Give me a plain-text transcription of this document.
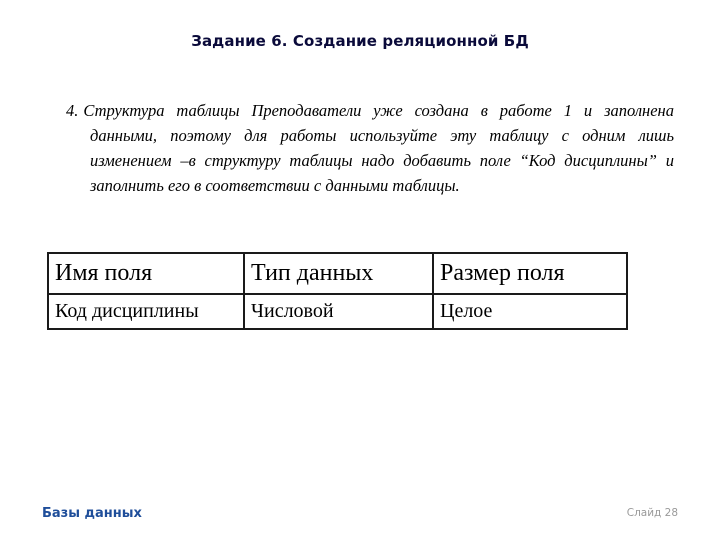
Задание 6. Создание реляционной БД
4. Структура таблицы Преподаватели уже создана в работе 1 и заполнена данными, поэтому для работы используйте эту таблицу с одним лишь изменением –в структуру таблицы надо добавить поле “Код дисциплины” и заполнить его в соответствии с данными таблицы.
Имя поля	Тип данных	Размер поля
Код дисциплины	Числовой	Целое
Базы данных	Слайд 28
